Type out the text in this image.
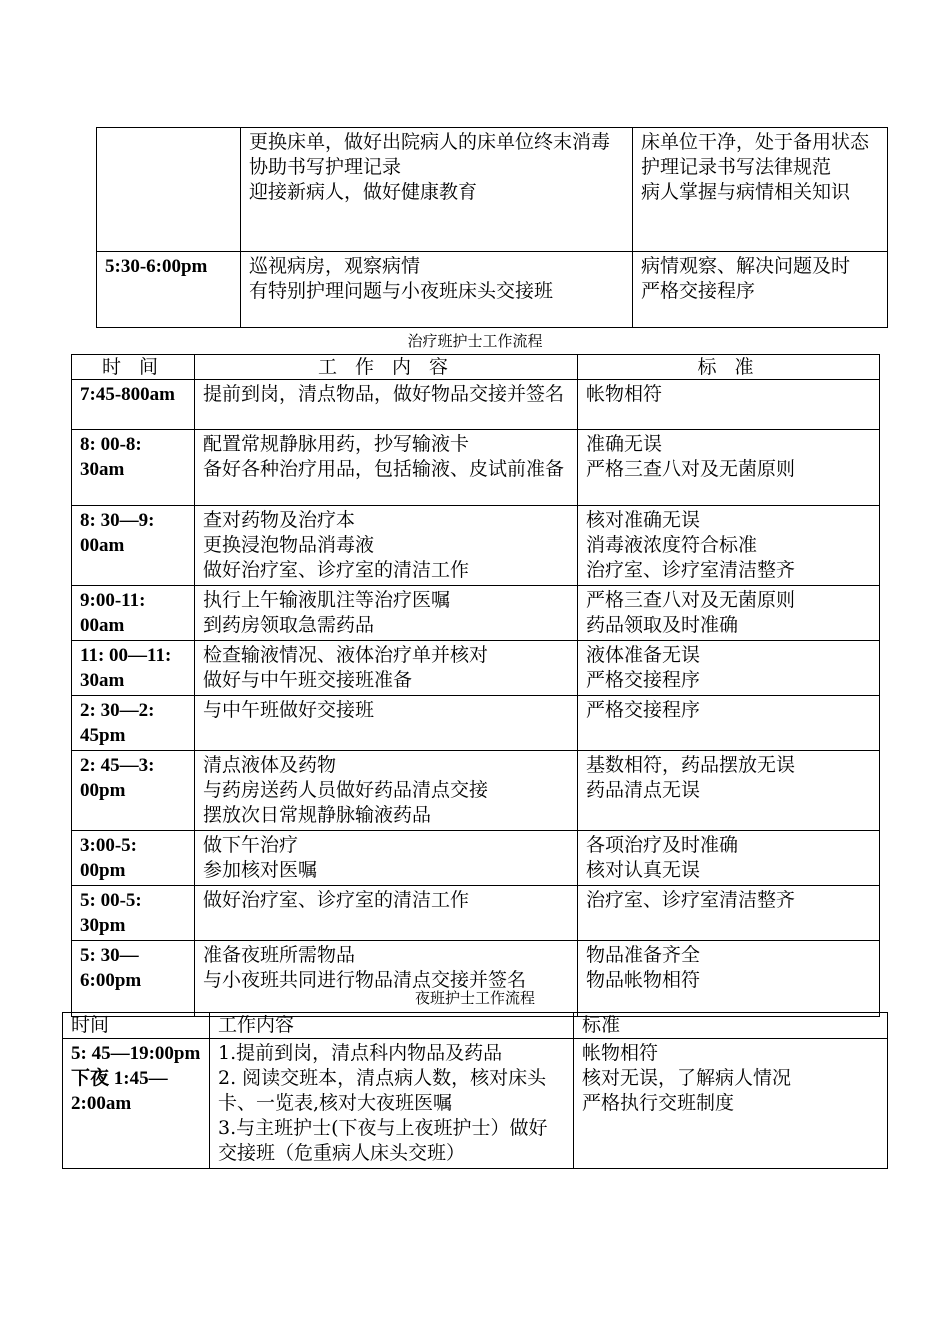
	更换床单，做好出院病人的床单位终末消毒
协助书写护理记录
迎接新病人，做好健康教育	床单位干净，处于备用状态
护理记录书写法律规范
病人掌握与病情相关知识

5:30-6:00pm	巡视病房，观察病情
有特别护理问题与小夜班床头交接班	病情观察、解决问题及时
严格交接程序
治疗班护士工作流程
时 间	工 作 内 容	标 准
7:45-800am	提前到岗，清点物品，做好物品交接并签名	帐物相符

8: 00-8: 30am	配置常规静脉用药，抄写输液卡
备好各种治疗用品，包括输液、皮试前准备	准确无误
严格三查八对及无菌原则

8: 30—9: 00am	查对药物及治疗本
更换浸泡物品消毒液
做好治疗室、诊疗室的清洁工作	核对准确无误
消毒液浓度符合标准
治疗室、诊疗室清洁整齐

9:00-11: 00am	执行上午输液肌注等治疗医嘱
到药房领取急需药品	严格三查八对及无菌原则
药品领取及时准确

11: 00—11: 30am	检查输液情况、液体治疗单并核对
做好与中午班交接班准备	液体准备无误
严格交接程序

2: 30—2: 45pm	与中午班做好交接班	严格交接程序

2: 45—3: 00pm	清点液体及药物
与药房送药人员做好药品清点交接
摆放次日常规静脉输液药品	基数相符，药品摆放无误
药品清点无误

3:00-5: 00pm	做下午治疗
参加核对医嘱	各项治疗及时准确
核对认真无误

5: 00-5: 30pm	做好治疗室、诊疗室的清洁工作	治疗室、诊疗室清洁整齐

5: 30—6:00pm	准备夜班所需物品
与小夜班共同进行物品清点交接并签名	物品准备齐全
物品帐物相符
夜班护士工作流程
时间	工作内容	标准
5: 45—19:00pm 下夜 1:45—2:00am	1.提前到岗，清点科内物品及药品
2. 阅读交班本，清点病人数，核对床头卡、一览表,核对大夜班医嘱
3.与主班护士(下夜与上夜班护士）做好交接班（危重病人床头交班）	帐物相符
核对无误，了解病人情况
严格执行交班制度
